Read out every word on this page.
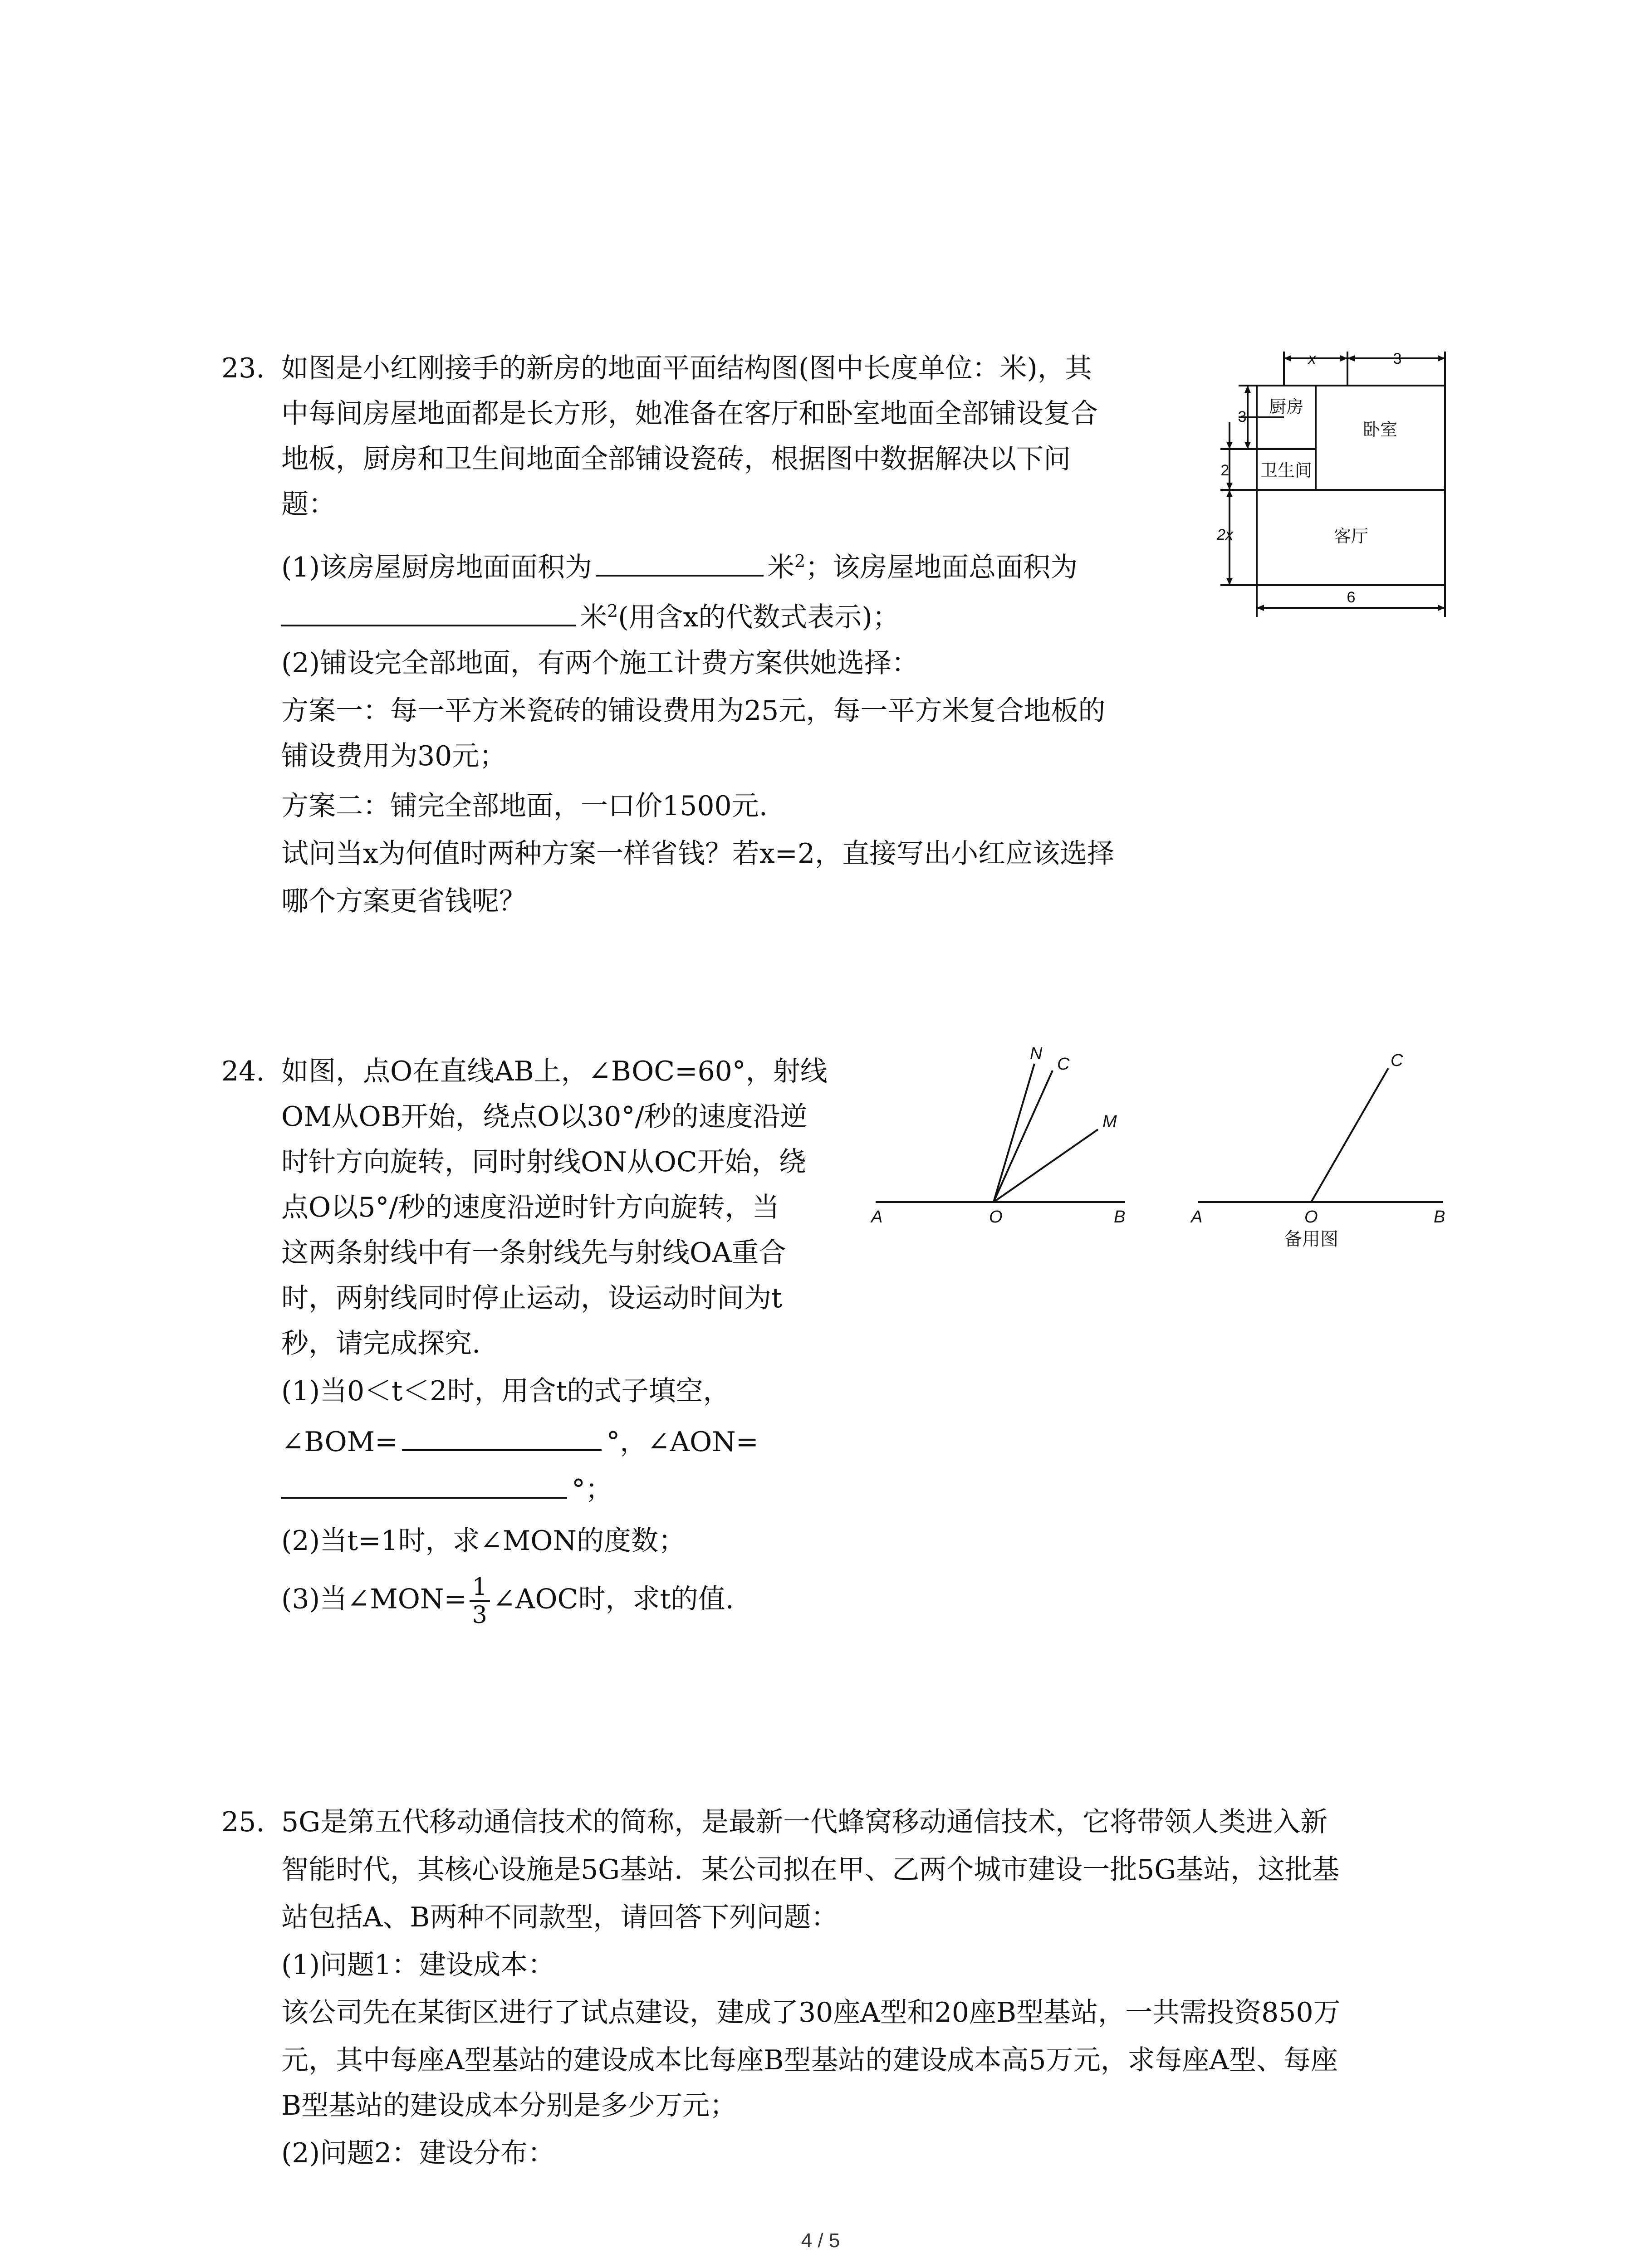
23. 如图是小红刚接手的新房的地面平面结构图(图中长度单位：米)，其
中每间房屋地面都是长方形，她准备在客厅和卧室地面全部铺设复合
地板，厨房和卫生间地面全部铺设瓷砖，根据图中数据解决以下问
题：
(1)该房屋厨房地面面积为	米$^2$；该房屋地面总面积为
米$^2$(用含x的代数式表示)；
(2)铺设完全部地面，有两个施工计费方案供她选择：
方案一：每一平方米瓷砖的铺设费用为25元，每一平方米复合地板的
铺设费用为30元；
方案二：铺完全部地面，一口价1500元.
试问当x为何值时两种方案一样省钱？若x=2，直接写出小红应该选择
哪个方案更省钱呢？
x	3
3
2
2x
6
厨房
卧室
卫生间
客厅
24. 如图，点O在直线AB上，∠BOC=60°，射线
OM从OB开始，绕点O以30°/秒的速度沿逆
时针方向旋转，同时射线ON从OC开始，绕
点O以5°/秒的速度沿逆时针方向旋转，当
这两条射线中有一条射线先与射线OA重合
时，两射线同时停止运动，设运动时间为t
秒，请完成探究.
(1)当0＜t＜2时，用含t的式子填空，
∠BOM=	°，∠AON=
°；
(2)当t=1时，求∠MON的度数；
(3)当∠MON= $\frac{1}{3}$ ∠AOC时，求t的值.
A	O	B
N
C
M
A	O	B
C
备用图
25. 5G是第五代移动通信技术的简称，是最新一代蜂窝移动通信技术，它将带领人类进入新
智能时代，其核心设施是5G基站．某公司拟在甲、乙两个城市建设一批5G基站，这批基
站包括A、B两种不同款型，请回答下列问题：
(1)问题1：建设成本：
该公司先在某街区进行了试点建设，建成了30座A型和20座B型基站，一共需投资850万
元，其中每座A型基站的建设成本比每座B型基站的建设成本高5万元，求每座A型、每座
B型基站的建设成本分别是多少万元；
(2)问题2：建设分布：
4 / 5
